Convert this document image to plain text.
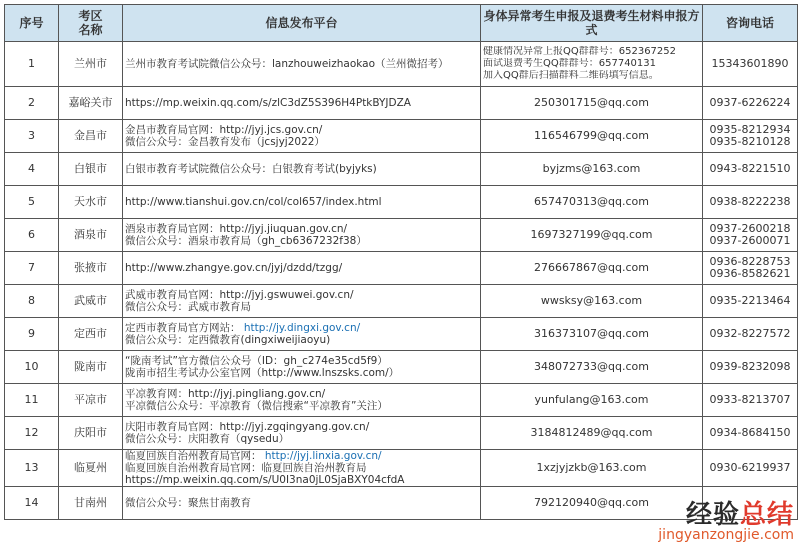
序号	考区名称	信息发布平台	身体异常考生申报及退费考生材料申报方式	咨询电话
1	兰州市	兰州市教育考试院微信公众号：lanzhouweizhaokao（兰州微招考）	健康情况异常上报QQ群群号：652367252
面试退费考生QQ群群号：657740131
加入QQ群后扫描群料二维码填写信息。	15343601890

2	嘉峪关市	https://mp.weixin.qq.com/s/zlC3dZ5S396H4PtkBYJDZA	250301715@qq.com	0937-6226224

3	金昌市	金昌市教育局官网：http://jyj.jcs.gov.cn/
微信公众号：金昌教育发布（jcsjyj2022）	116546799@qq.com	0935-8212934
0935-8210128

4	白银市	白银市教育考试院微信公众号：白银教育考试(byjyks)	byjzms@163.com	0943-8221510

5	天水市	http://www.tianshui.gov.cn/col/col657/index.html	657470313@qq.com	0938-8222238

6	酒泉市	酒泉市教育局官网：http://jyj.jiuquan.gov.cn/
微信公众号：酒泉市教育局（gh_cb6367232f38）	1697327199@qq.com	0937-2600218
0937-2600071

7	张掖市	http://www.zhangye.gov.cn/jyj/dzdd/tzgg/	276667867@qq.com	0936-8228753
0936-8582621

8	武威市	武威市教育局官网：http://jyj.gswuwei.gov.cn/
微信公众号：武威市教育局	wwsksy@163.com	0935-2213464

9	定西市	定西市教育局官方网站： http://jy.dingxi.gov.cn/
微信公众号：定西微教育(dingxiweijiaoyu)	316373107@qq.com	0932-8227572

10	陇南市	“陇南考试”官方微信公众号（ID：gh_c274e35cd5f9）
陇南市招生考试办公室官网（http://www.lnszsks.com/）	348072733@qq.com	0939-8232098

11	平凉市	平凉教育网：http://jyj.pingliang.gov.cn/
平凉微信公众号：平凉教育（微信搜索“平凉教育”关注）	yunfulang@163.com	0933-8213707

12	庆阳市	庆阳市教育局官网：http://jyj.zgqingyang.gov.cn/
微信公众号：庆阳教育（qysedu）	3184812489@qq.com	0934-8684150

13	临夏州	临夏回族自治州教育局官网： http://jyj.linxia.gov.cn/
临夏回族自治州教育局官网：临夏回族自治州教育局
https://mp.weixin.qq.com/s/U0I3na0jL0SjaBXY04cfdA	1xzjyjzkb@163.com	0930-6219937

14	甘南州	微信公众号：聚焦甘南教育	792120940@qq.com	
		经验总结
jingyanzongjie.com
